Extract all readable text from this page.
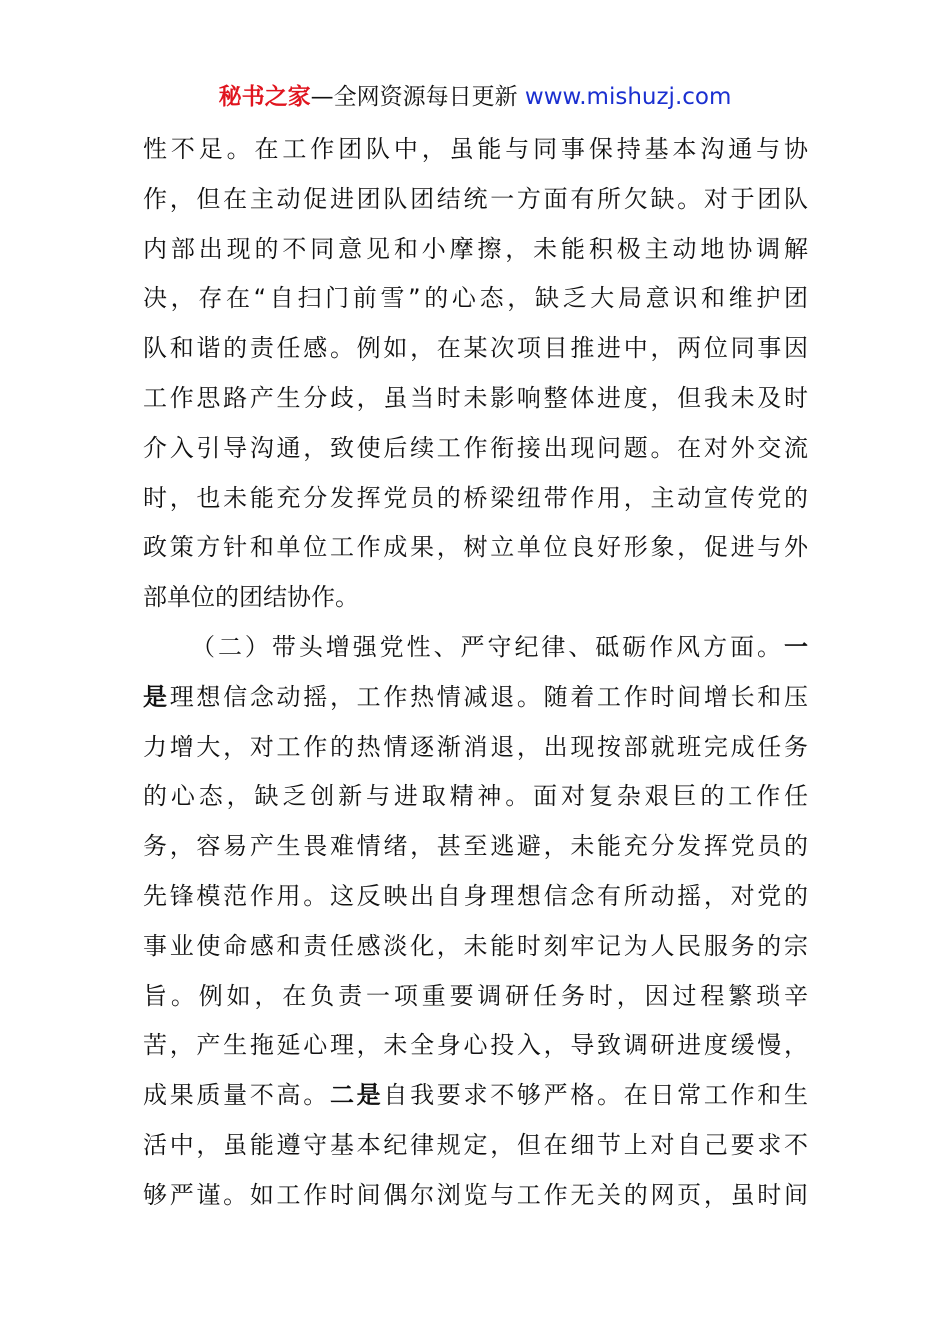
秘书之家—全网资源每日更新 www.mishuzj.com
性不足。在工作团队中，虽能与同事保持基本沟通与协
作，但在主动促进团队团结统一方面有所欠缺。对于团队
内部出现的不同意见和小摩擦，未能积极主动地协调解
决，存在“自扫门前雪”的心态，缺乏大局意识和维护团
队和谐的责任感。例如，在某次项目推进中，两位同事因
工作思路产生分歧，虽当时未影响整体进度，但我未及时
介入引导沟通，致使后续工作衔接出现问题。在对外交流
时，也未能充分发挥党员的桥梁纽带作用，主动宣传党的
政策方针和单位工作成果，树立单位良好形象，促进与外
部单位的团结协作。
（二）带头增强党性、严守纪律、砥砺作风方面。一
是理想信念动摇，工作热情减退。随着工作时间增长和压
力增大，对工作的热情逐渐消退，出现按部就班完成任务
的心态，缺乏创新与进取精神。面对复杂艰巨的工作任
务，容易产生畏难情绪，甚至逃避，未能充分发挥党员的
先锋模范作用。这反映出自身理想信念有所动摇，对党的
事业使命感和责任感淡化，未能时刻牢记为人民服务的宗
旨。例如，在负责一项重要调研任务时，因过程繁琐辛
苦，产生拖延心理，未全身心投入，导致调研进度缓慢，
成果质量不高。二是自我要求不够严格。在日常工作和生
活中，虽能遵守基本纪律规定，但在细节上对自己要求不
够严谨。如工作时间偶尔浏览与工作无关的网页，虽时间
